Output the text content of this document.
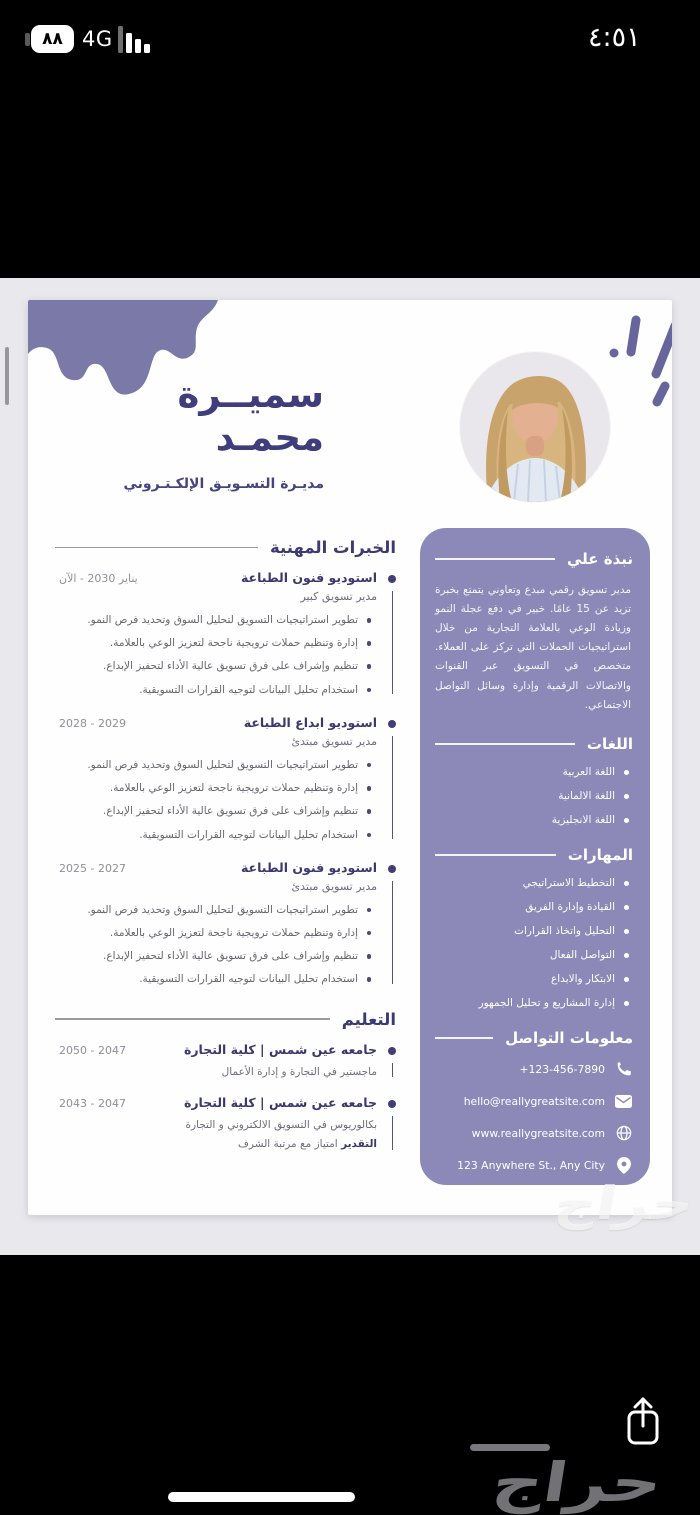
٨٨ 4G	٤:٥١
سميــرة محمـد
مديـرة التسـويـق الإلكـتـروني
الخبرات المهنية
استوديو فنون الطباعة
يناير 2030 - الآن
مدير تسويق كبير
تطوير استراتيجيات التسويق لتحليل السوق وتحديد فرص النمو.
إدارة وتنظيم حملات ترويجية ناجحة لتعزيز الوعي بالعلامة.
تنظيم وإشراف على فرق تسويق عالية الأداء لتحفيز الإبداع.
استخدام تحليل البيانات لتوجيه القرارات التسويقية.
استوديو ابداع الطباعة
2028 - 2029
مدير تسويق مبتدئ
تطوير استراتيجيات التسويق لتحليل السوق وتحديد فرص النمو.
إدارة وتنظيم حملات ترويجية ناجحة لتعزيز الوعي بالعلامة.
تنظيم وإشراف على فرق تسويق عالية الأداء لتحفيز الإبداع.
استخدام تحليل البيانات لتوجيه القرارات التسويقية.
استوديو فنون الطباعة
2025 - 2027
مدير تسويق مبتدئ
تطوير استراتيجيات التسويق لتحليل السوق وتحديد فرص النمو.
إدارة وتنظيم حملات ترويجية ناجحة لتعزيز الوعي بالعلامة.
تنظيم وإشراف على فرق تسويق عالية الأداء لتحفيز الإبداع.
استخدام تحليل البيانات لتوجيه القرارات التسويقية.
التعليم
جامعه عين شمس | كلية التجارة
2050 - 2047
ماجستير في التجارة و إدارة الأعمال
جامعه عين شمس | كلية التجارة
2043 - 2047
بكالوريوس في التسويق الالكتروني و التجارة
التقدير امتياز مع مرتبة الشرف
نبذة علي

مدير تسويق رقمي مبدع وتعاوني يتمتع بخبرة تزيد عن 15 عامًا. خبير في دفع عجلة النمو وزيادة الوعي بالعلامة التجارية من خلال استراتيجيات الحملات التي تركز على العملاء. متخصص في التسويق عبر القنوات والاتصالات الرقمية وإدارة وسائل التواصل الاجتماعي.

اللغات
اللغة العربية
اللغة الالمانية
اللغة الانجليزية
المهارات
التخطيط الاستراتيجي
القيادة وإدارة الفريق
التحليل واتخاذ القرارات
التواصل الفعال
الابتكار والابداع
إدارة المشاريع و تحليل الجمهور
معلومات التواصل
+123-456-7890
hello@reallygreatsite.com
www.reallygreatsite.com
123 Anywhere St., Any City
حراج
حراج
